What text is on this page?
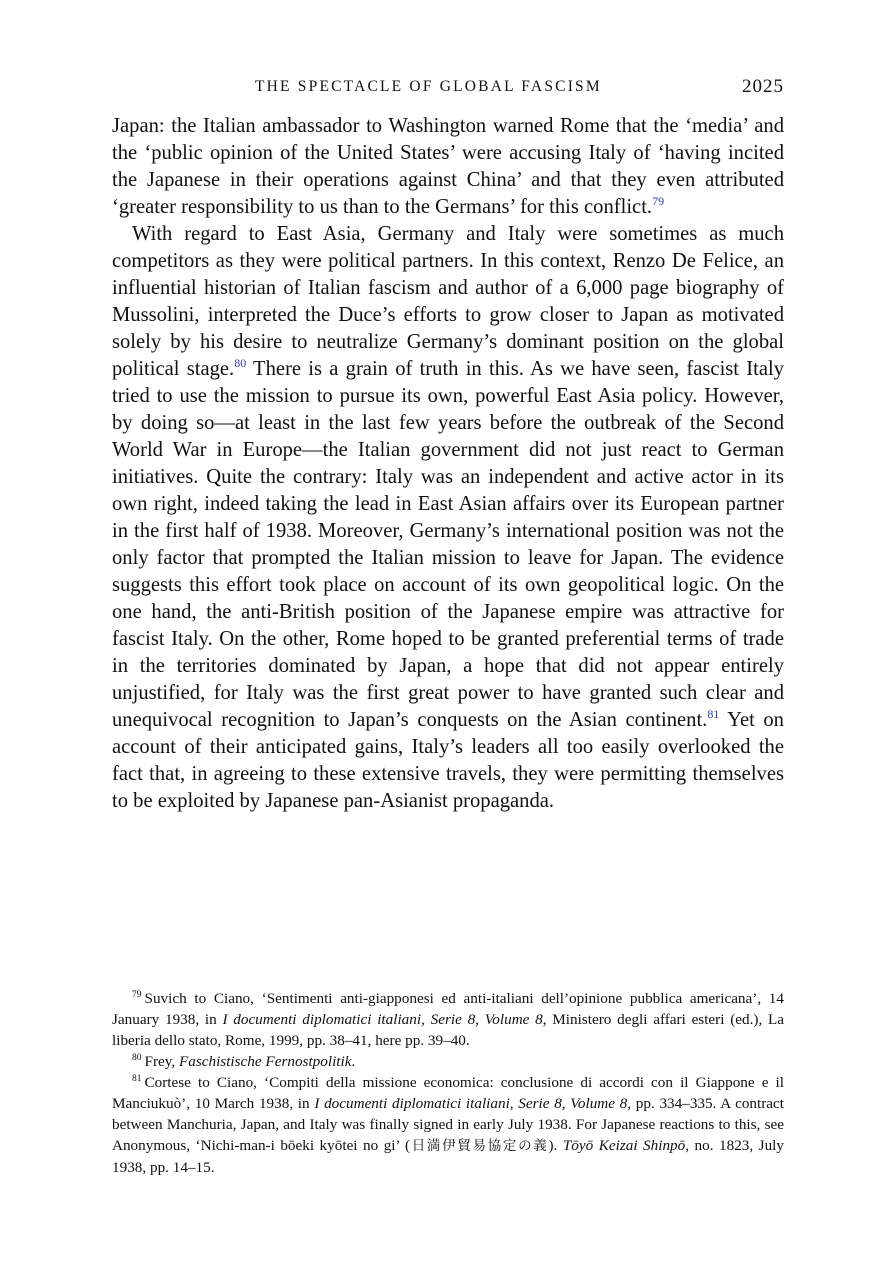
THE SPECTACLE OF GLOBAL FASCISM	2025

Japan: the Italian ambassador to Washington warned Rome that the ‘media’ and the ‘public opinion of the United States’ were accusing Italy of ‘having incited the Japanese in their operations against China’ and that they even attributed ‘greater responsibility to us than to the Germans’ for this conflict.$^{79}$

With regard to East Asia, Germany and Italy were sometimes as much competitors as they were political partners. In this context, Renzo De Felice, an influential historian of Italian fascism and author of a 6,000 page biography of Mussolini, interpreted the Duce’s efforts to grow closer to Japan as motivated solely by his desire to neutralize Germany’s dominant position on the global political stage.$^{80}$ There is a grain of truth in this. As we have seen, fascist Italy tried to use the mission to pursue its own, powerful East Asia policy. However, by doing so—at least in the last few years before the outbreak of the Second World War in Europe—the Italian government did not just react to German initiatives. Quite the contrary: Italy was an independent and active actor in its own right, indeed taking the lead in East Asian affairs over its European partner in the first half of 1938. Moreover, Germany’s international position was not the only factor that prompted the Italian mission to leave for Japan. The evidence suggests this effort took place on account of its own geopolitical logic. On the one hand, the anti-British position of the Japanese empire was attractive for fascist Italy. On the other, Rome hoped to be granted preferential terms of trade in the territories dominated by Japan, a hope that did not appear entirely unjustified, for Italy was the first great power to have granted such clear and unequivocal recognition to Japan’s conquests on the Asian continent.$^{81}$ Yet on account of their anticipated gains, Italy’s leaders all too easily overlooked the fact that, in agreeing to these extensive travels, they were permitting themselves to be exploited by Japanese pan-Asianist propaganda.

$^{79}$ Suvich to Ciano, ‘Sentimenti anti-giapponesi ed anti-italiani dell’opinione pubblica americana’, 14 January 1938, in I documenti diplomatici italiani, Serie 8, Volume 8, Ministero degli affari esteri (ed.), La liberia dello stato, Rome, 1999, pp. 38–41, here pp. 39–40.

$^{80}$ Frey, Faschistische Fernostpolitik.

$^{81}$ Cortese to Ciano, ‘Compiti della missione economica: conclusione di accordi con il Giappone e il Manciukuò’, 10 March 1938, in I documenti diplomatici italiani, Serie 8, Volume 8, pp. 334–335. A contract between Manchuria, Japan, and Italy was finally signed in early July 1938. For Japanese reactions to this, see Anonymous, ‘Nichi-man-i bōeki kyōtei no gi’ (日満伊貿易協定の義). Tōyō Keizai Shinpō, no. 1823, July 1938, pp. 14–15.
